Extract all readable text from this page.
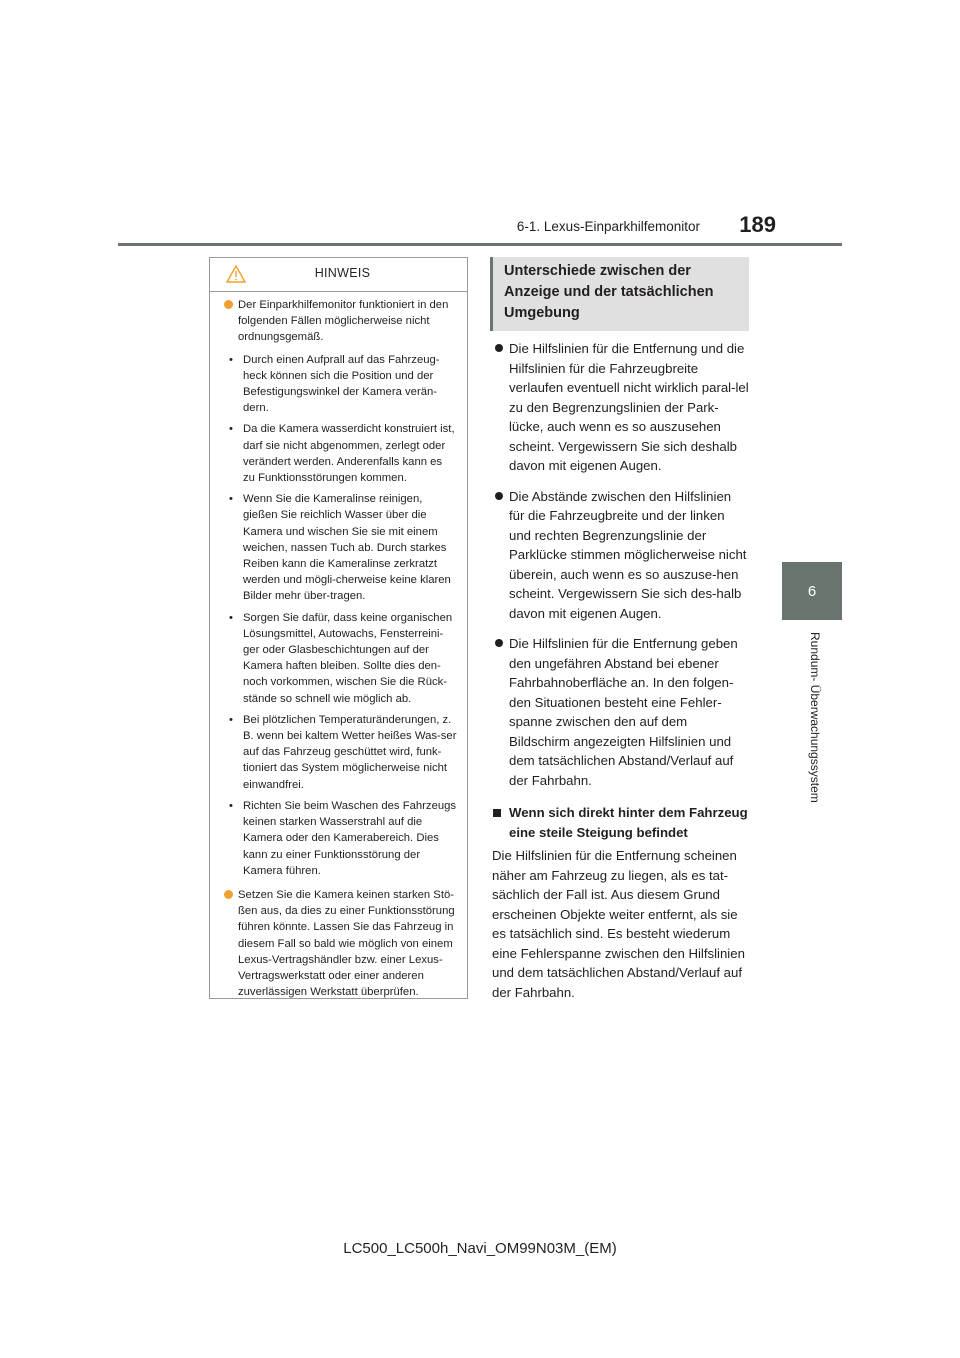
6-1. Lexus-Einparkhilfemonitor	189
6
Rundum- Überwachungssystem
HINWEIS
Der Einparkhilfemonitor funktioniert in den folgenden Fällen möglicherweise nicht ordnungsgemäß.
• Durch einen Aufprall auf das Fahrzeug-heck können sich die Position und der Befestigungswinkel der Kamera verän-dern.
• Da die Kamera wasserdicht konstruiert ist, darf sie nicht abgenommen, zerlegt oder verändert werden. Anderenfalls kann es zu Funktionsstörungen kommen.
• Wenn Sie die Kameralinse reinigen, gießen Sie reichlich Wasser über die Kamera und wischen Sie sie mit einem weichen, nassen Tuch ab. Durch starkes Reiben kann die Kameralinse zerkratzt werden und mögli-cherweise keine klaren Bilder mehr über-tragen.
• Sorgen Sie dafür, dass keine organischen Lösungsmittel, Autowachs, Fensterreini-ger oder Glasbeschichtungen auf der Kamera haften bleiben. Sollte dies den-noch vorkommen, wischen Sie die Rück-stände so schnell wie möglich ab.
• Bei plötzlichen Temperaturänderungen, z. B. wenn bei kaltem Wetter heißes Was-ser auf das Fahrzeug geschüttet wird, funk-tioniert das System möglicherweise nicht einwandfrei.
• Richten Sie beim Waschen des Fahrzeugs keinen starken Wasserstrahl auf die Kamera oder den Kamerabereich. Dies kann zu einer Funktionsstörung der Kamera führen.
Setzen Sie die Kamera keinen starken Stö-ßen aus, da dies zu einer Funktionsstörung führen könnte. Lassen Sie das Fahrzeug in diesem Fall so bald wie möglich von einem Lexus-Vertragshändler bzw. einer Lexus-Vertragswerkstatt oder einer anderen zuverlässigen Werkstatt überprüfen.
Unterschiede zwischen der Anzeige und der tatsächlichen Umgebung
Die Hilfslinien für die Entfernung und die Hilfslinien für die Fahrzeugbreite verlaufen eventuell nicht wirklich paral-lel zu den Begrenzungslinien der Park-lücke, auch wenn es so auszusehen scheint. Vergewissern Sie sich deshalb davon mit eigenen Augen.
Die Abstände zwischen den Hilfslinien für die Fahrzeugbreite und der linken und rechten Begrenzungslinie der Parklücke stimmen möglicherweise nicht überein, auch wenn es so auszuse-hen scheint. Vergewissern Sie sich des-halb davon mit eigenen Augen.
Die Hilfslinien für die Entfernung geben den ungefähren Abstand bei ebener Fahrbahnoberfläche an. In den folgen-den Situationen besteht eine Fehler-spanne zwischen den auf dem Bildschirm angezeigten Hilfslinien und dem tatsächlichen Abstand/Verlauf auf der Fahrbahn.
Wenn sich direkt hinter dem Fahrzeug eine steile Steigung befindet
Die Hilfslinien für die Entfernung scheinen näher am Fahrzeug zu liegen, als es tat-sächlich der Fall ist. Aus diesem Grund erscheinen Objekte weiter entfernt, als sie es tatsächlich sind. Es besteht wiederum eine Fehlerspanne zwischen den Hilfslinien und dem tatsächlichen Abstand/Verlauf auf der Fahrbahn.
LC500_LC500h_Navi_OM99N03M_(EM)
